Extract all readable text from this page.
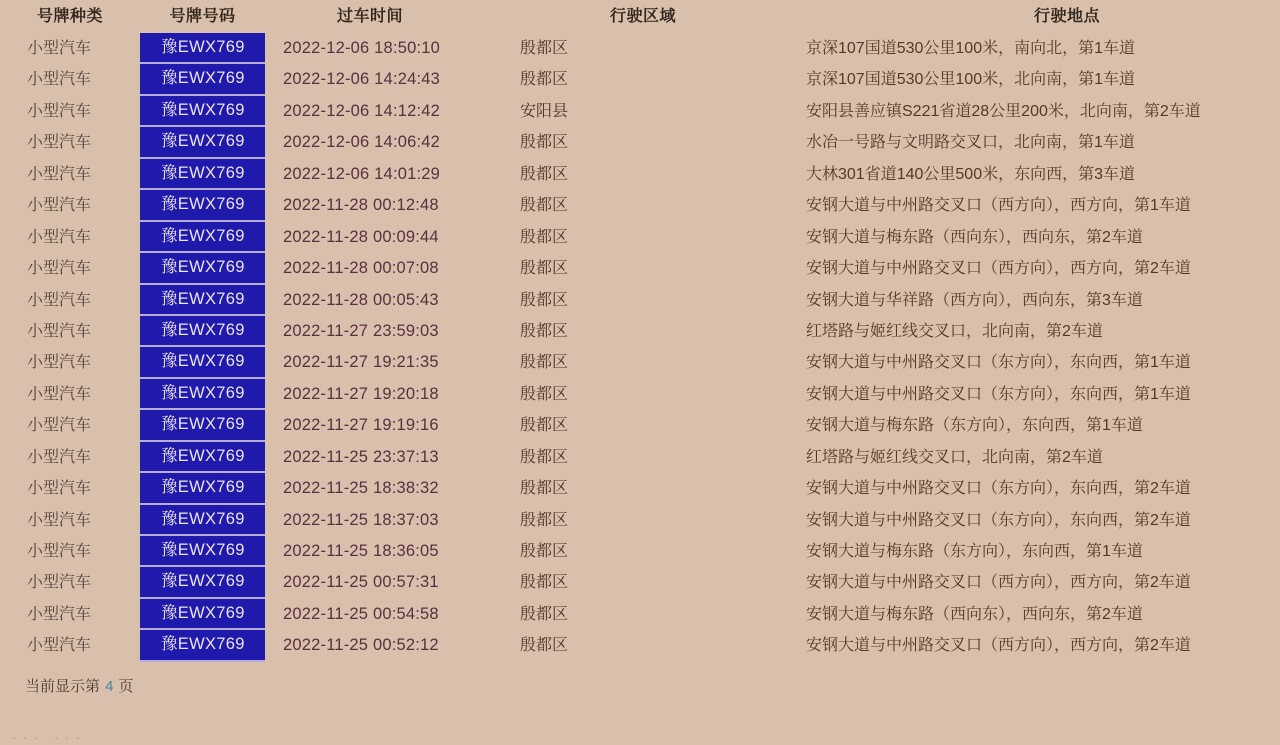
号牌种类	号牌号码	过车时间	行驶区域	行驶地点
小型汽车	豫EWX769	2022-12-06 18:50:10	殷都区	京深107国道530公里100米，南向北，第1车道
小型汽车	豫EWX769	2022-12-06 14:24:43	殷都区	京深107国道530公里100米，北向南，第1车道
小型汽车	豫EWX769	2022-12-06 14:12:42	安阳县	安阳县善应镇S221省道28公里200米，北向南，第2车道
小型汽车	豫EWX769	2022-12-06 14:06:42	殷都区	水冶一号路与文明路交叉口，北向南，第1车道
小型汽车	豫EWX769	2022-12-06 14:01:29	殷都区	大林301省道140公里500米，东向西，第3车道
小型汽车	豫EWX769	2022-11-28 00:12:48	殷都区	安钢大道与中州路交叉口（西方向），西方向，第1车道
小型汽车	豫EWX769	2022-11-28 00:09:44	殷都区	安钢大道与梅东路（西向东），西向东，第2车道
小型汽车	豫EWX769	2022-11-28 00:07:08	殷都区	安钢大道与中州路交叉口（西方向），西方向，第2车道
小型汽车	豫EWX769	2022-11-28 00:05:43	殷都区	安钢大道与华祥路（西方向），西向东，第3车道
小型汽车	豫EWX769	2022-11-27 23:59:03	殷都区	红塔路与姬红线交叉口，北向南，第2车道
小型汽车	豫EWX769	2022-11-27 19:21:35	殷都区	安钢大道与中州路交叉口（东方向），东向西，第1车道
小型汽车	豫EWX769	2022-11-27 19:20:18	殷都区	安钢大道与中州路交叉口（东方向），东向西，第1车道
小型汽车	豫EWX769	2022-11-27 19:19:16	殷都区	安钢大道与梅东路（东方向），东向西，第1车道
小型汽车	豫EWX769	2022-11-25 23:37:13	殷都区	红塔路与姬红线交叉口，北向南，第2车道
小型汽车	豫EWX769	2022-11-25 18:38:32	殷都区	安钢大道与中州路交叉口（东方向），东向西，第2车道
小型汽车	豫EWX769	2022-11-25 18:37:03	殷都区	安钢大道与中州路交叉口（东方向），东向西，第2车道
小型汽车	豫EWX769	2022-11-25 18:36:05	殷都区	安钢大道与梅东路（东方向），东向西，第1车道
小型汽车	豫EWX769	2022-11-25 00:57:31	殷都区	安钢大道与中州路交叉口（西方向），西方向，第2车道
小型汽车	豫EWX769	2022-11-25 00:54:58	殷都区	安钢大道与梅东路（西向东），西向东，第2车道
小型汽车	豫EWX769	2022-11-25 00:52:12	殷都区	安钢大道与中州路交叉口（西方向），西方向，第2车道
当前显示第 4 页
··· ···
